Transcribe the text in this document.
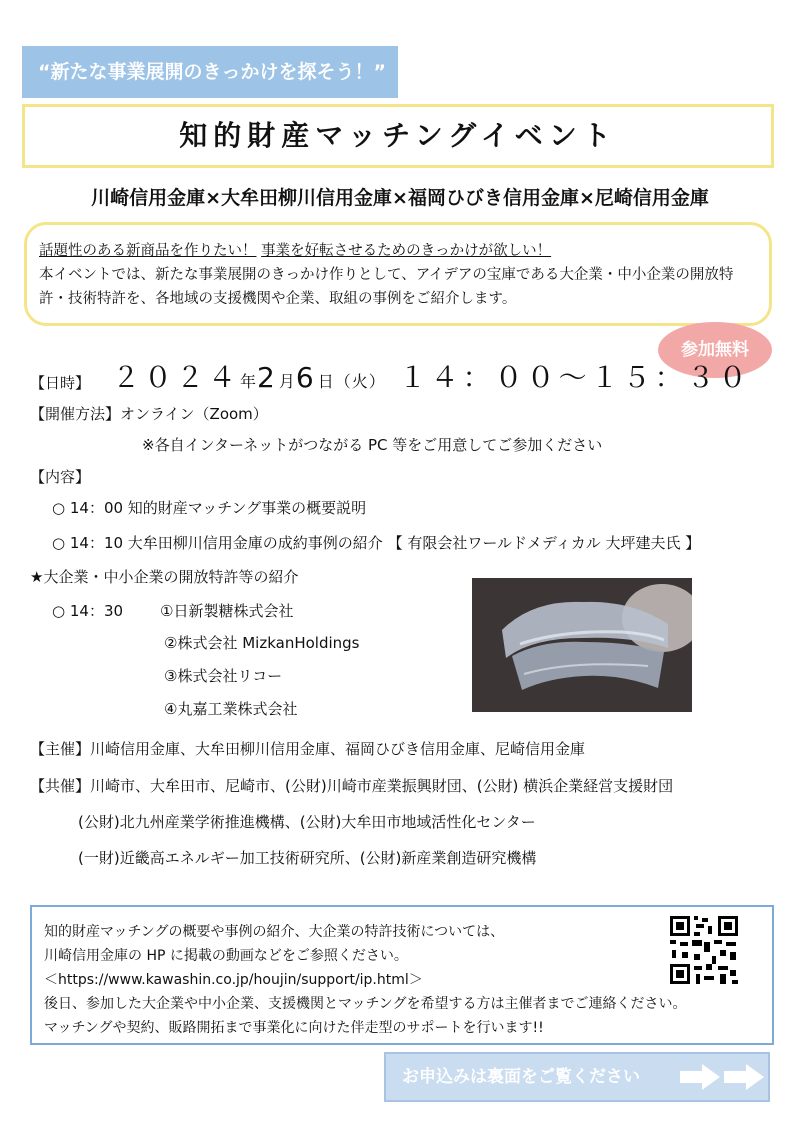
“新たな事業展開のきっかけを探そう！”
知的財産マッチングイベント
川崎信用金庫×大牟田柳川信用金庫×福岡ひびき信用金庫×尼崎信用金庫
話題性のある新商品を作りたい！ 事業を好転させるためのきっかけが欲しい！
本イベントでは、新たな事業展開のきっかけ作りとして、アイデアの宝庫である大企業・中小企業の開放特
許・技術特許を、各地域の支援機関や企業、取組の事例をご紹介します。
参加無料
【日時】 ２０２４年2月6日（火） １４：００～１５：３０
【開催方法】オンライン（Zoom）
※各自インターネットがつながる PC 等をご用意してご参加ください
【内容】
○ 14：00 知的財産マッチング事業の概要説明
○ 14：10 大牟田柳川信用金庫の成約事例の紹介 【 有限会社ワールドメディカル 大坪建夫氏 】
★大企業・中小企業の開放特許等の紹介
○ 14：30 ①日新製糖株式会社
②株式会社 MizkanHoldings
③株式会社リコー
④丸嘉工業株式会社
【主催】川崎信用金庫、大牟田柳川信用金庫、福岡ひびき信用金庫、尼崎信用金庫
【共催】川崎市、大牟田市、尼崎市、(公財)川崎市産業振興財団、(公財) 横浜企業経営支援財団
(公財)北九州産業学術推進機構、(公財)大牟田市地域活性化センター
(一財)近畿高エネルギー加工技術研究所、(公財)新産業創造研究機構
知的財産マッチングの概要や事例の紹介、大企業の特許技術については、
川崎信用金庫の HP に掲載の動画などをご参照ください。
＜https://www.kawashin.co.jp/houjin/support/ip.html＞
後日、参加した大企業や中小企業、支援機関とマッチングを希望する方は主催者までご連絡ください。
マッチングや契約、販路開拓まで事業化に向けた伴走型のサポートを行います!!
お申込みは裏面をご覧ください
